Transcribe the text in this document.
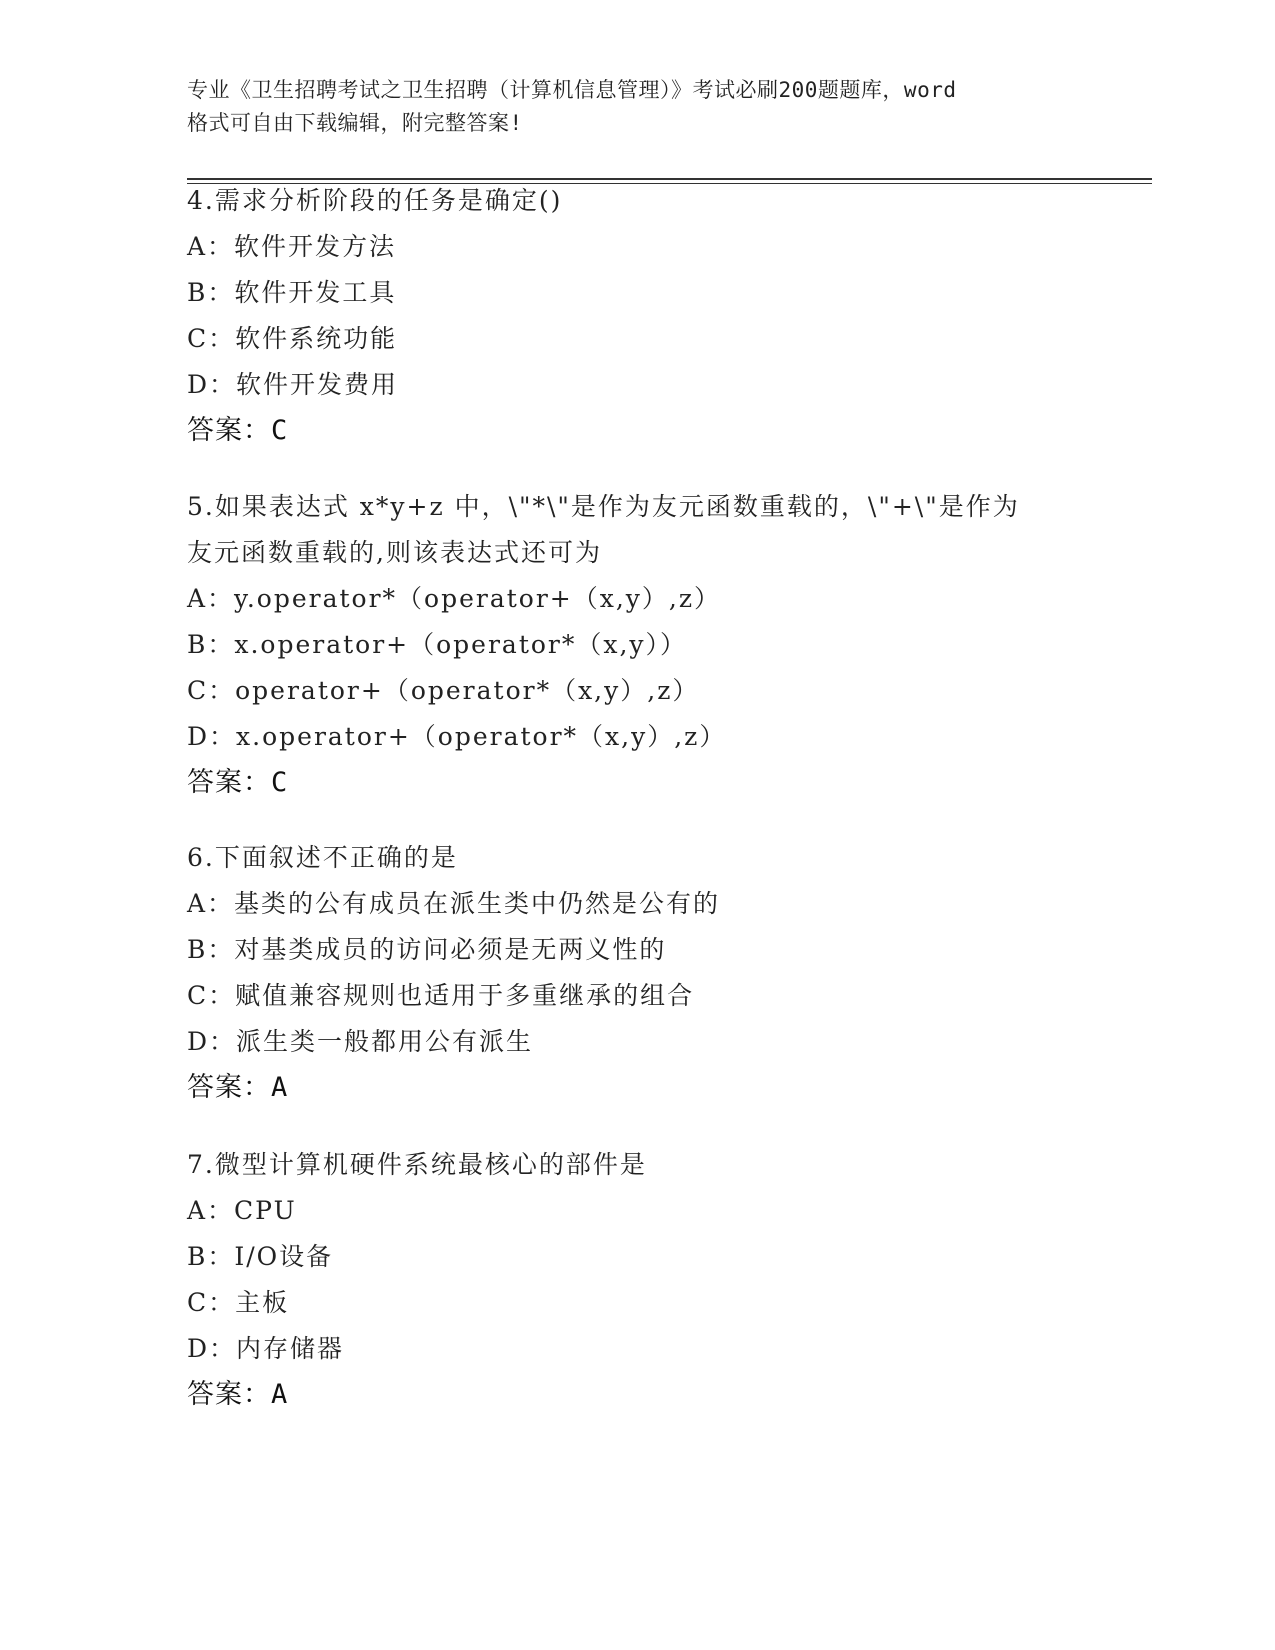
专业《卫生招聘考试之卫生招聘（计算机信息管理）》考试必刷200题题库，word
格式可自由下载编辑，附完整答案!
4.需求分析阶段的任务是确定()
A：软件开发方法
B：软件开发工具
C：软件系统功能
D：软件开发费用
答案：C
5.如果表达式 x*y+z 中，\"*\"是作为友元函数重载的，\"+\"是作为
友元函数重载的,则该表达式还可为
A：y.operator*（operator+（x,y）,z）
B：x.operator+（operator*（x,y））
C：operator+（operator*（x,y）,z）
D：x.operator+（operator*（x,y）,z）
答案：C
6.下面叙述不正确的是
A：基类的公有成员在派生类中仍然是公有的
B：对基类成员的访问必须是无两义性的
C：赋值兼容规则也适用于多重继承的组合
D：派生类一般都用公有派生
答案：A
7.微型计算机硬件系统最核心的部件是
A：CPU
B：I/O设备
C：主板
D：内存储器
答案：A
